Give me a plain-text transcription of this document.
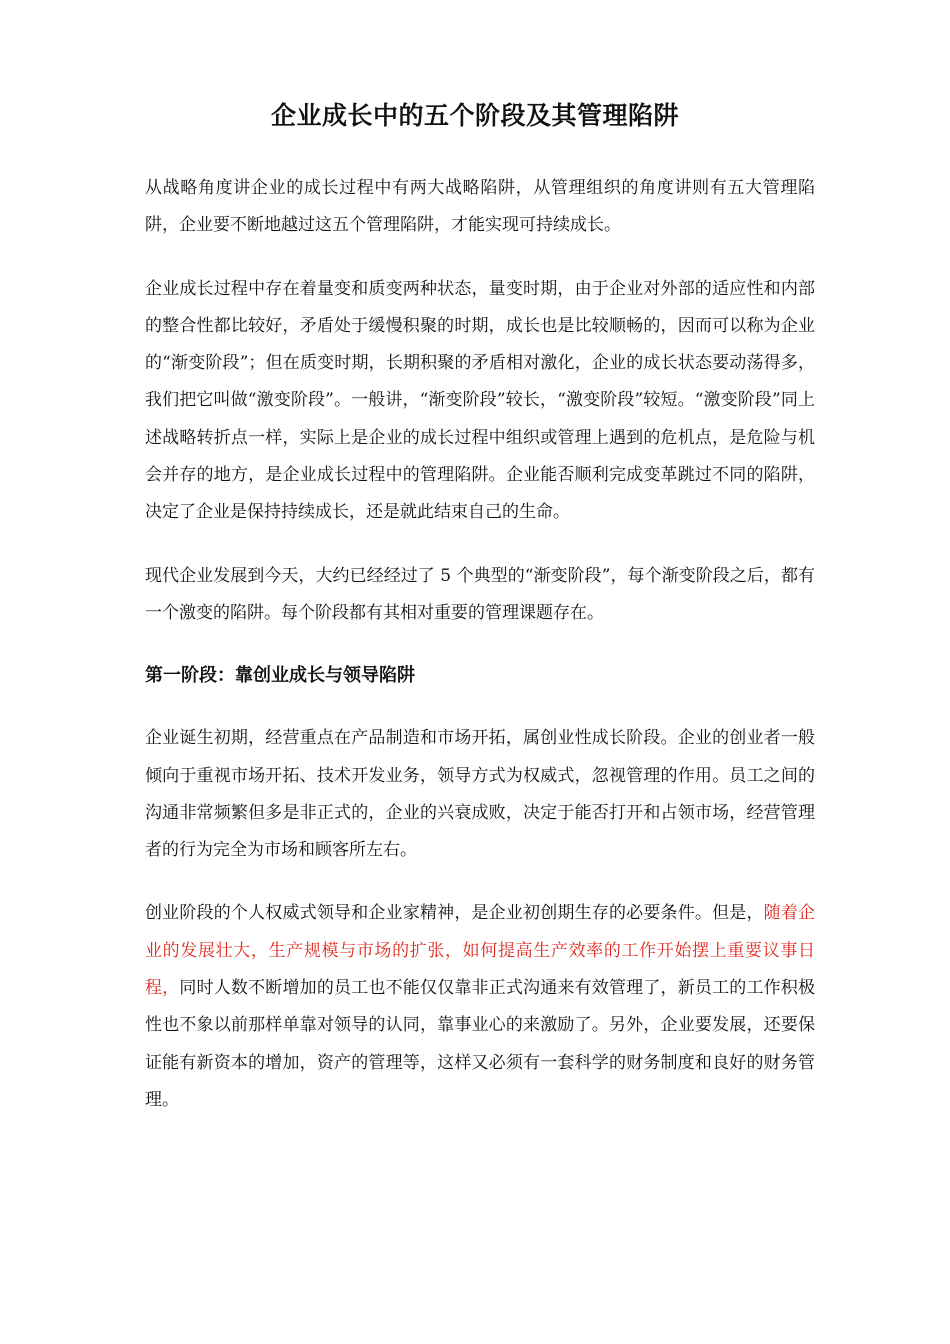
企业成长中的五个阶段及其管理陷阱

从战略角度讲企业的成长过程中有两大战略陷阱，从管理组织的角度讲则有五大管理陷阱，企业要不断地越过这五个管理陷阱，才能实现可持续成长。

企业成长过程中存在着量变和质变两种状态，量变时期，由于企业对外部的适应性和内部的整合性都比较好，矛盾处于缓慢积聚的时期，成长也是比较顺畅的，因而可以称为企业的“渐变阶段”；但在质变时期，长期积聚的矛盾相对激化，企业的成长状态要动荡得多，我们把它叫做“激变阶段”。一般讲，“渐变阶段”较长，“激变阶段”较短。“激变阶段”同上述战略转折点一样，实际上是企业的成长过程中组织或管理上遇到的危机点，是危险与机会并存的地方，是企业成长过程中的管理陷阱。企业能否顺利完成变革跳过不同的陷阱，决定了企业是保持持续成长，还是就此结束自己的生命。

现代企业发展到今天，大约已经经过了 5 个典型的“渐变阶段”，每个渐变阶段之后，都有一个激变的陷阱。每个阶段都有其相对重要的管理课题存在。

第一阶段：靠创业成长与领导陷阱

企业诞生初期，经营重点在产品制造和市场开拓，属创业性成长阶段。企业的创业者一般倾向于重视市场开拓、技术开发业务，领导方式为权威式，忽视管理的作用。员工之间的沟通非常频繁但多是非正式的，企业的兴衰成败，决定于能否打开和占领市场，经营管理者的行为完全为市场和顾客所左右。

创业阶段的个人权威式领导和企业家精神，是企业初创期生存的必要条件。但是，随着企业的发展壮大，生产规模与市场的扩张，如何提高生产效率的工作开始摆上重要议事日程，同时人数不断增加的员工也不能仅仅靠非正式沟通来有效管理了，新员工的工作积极性也不象以前那样单靠对领导的认同，靠事业心的来激励了。另外，企业要发展，还要保证能有新资本的增加，资产的管理等，这样又必须有一套科学的财务制度和良好的财务管理。
